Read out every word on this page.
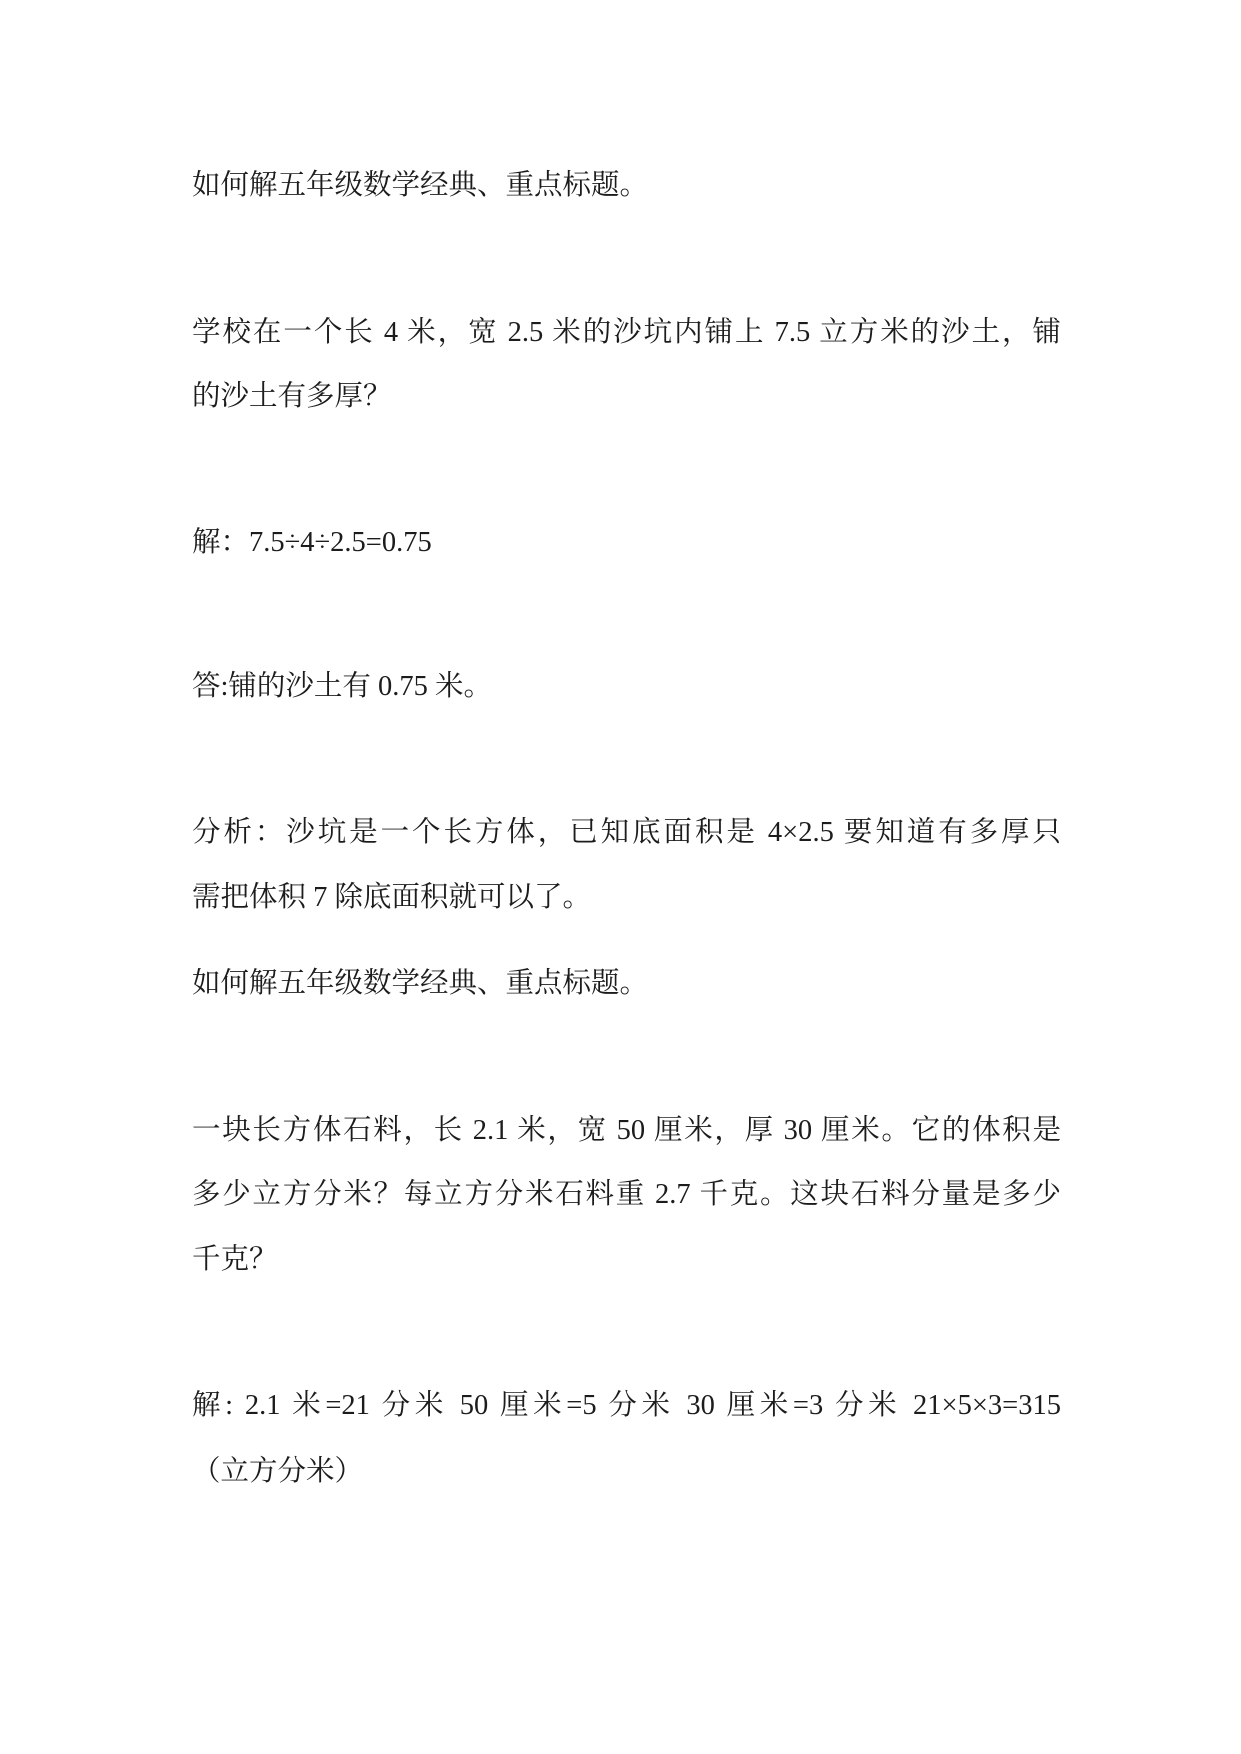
如何解五年级数学经典、重点标题。
学校在一个长 4 米，宽 2.5 米的沙坑内铺上 7.5 立方米的沙土，铺
的沙土有多厚？
解：7.5÷4÷2.5=0.75
答:铺的沙土有 0.75 米。
分析：沙坑是一个长方体，已知底面积是 4×2.5 要知道有多厚只
需把体积 7 除底面积就可以了。
如何解五年级数学经典、重点标题。
一块长方体石料，长 2.1 米，宽 50 厘米，厚 30 厘米。它的体积是
多少立方分米？每立方分米石料重 2.7 千克。这块石料分量是多少
千克？
解: 2.1 米=21 分米 50 厘米=5 分米 30 厘米=3 分米 21×5×3=315
（立方分米）
